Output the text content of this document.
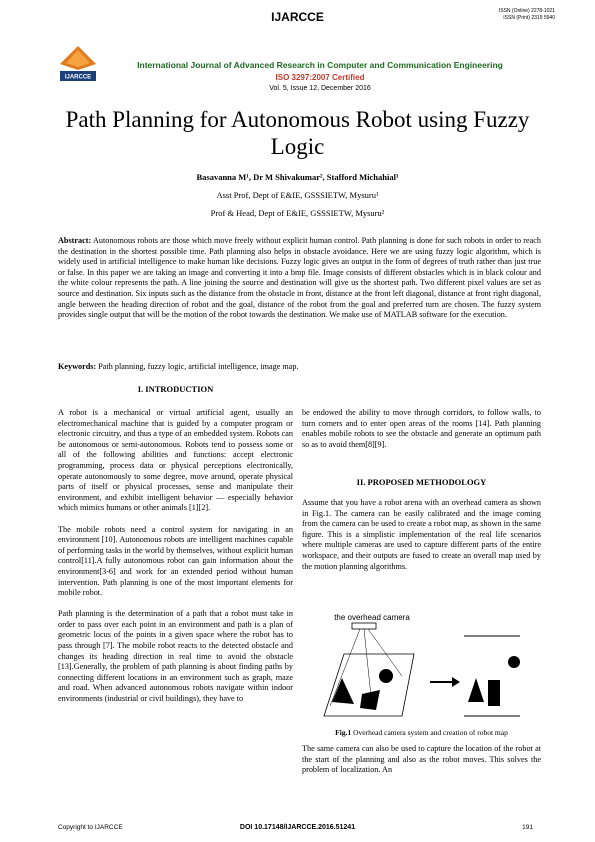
IJARCCE	ISSN (Online) 2278-1021
ISSN (Print) 2319 5940
IJARCCE
International Journal of Advanced Research in Computer and Communication Engineering
ISO 3297:2007 Certified
Vol. 5, Issue 12, December 2016
Path Planning for Autonomous Robot using Fuzzy Logic
Basavanna M¹, Dr M Shivakumar², Stafford Michahial¹
Asst Prof, Dept of E&IE, GSSSIETW, Mysuru¹
Prof & Head, Dept of E&IE, GSSSIETW, Mysuru²
Abstract: Autonomous robots are those which move freely without explicit human control. Path planning is done for such robots in order to reach the destination in the shortest possible time. Path planning also helps in obstacle avoidance. Here we are using fuzzy logic algorithm, which is widely used in artificial intelligence to make human like decisions. Fuzzy logic gives an output in the form of degrees of truth rather than just true or false. In this paper we are taking an image and converting it into a bmp file. Image consists of different obstacles which is in black colour and the white colour represents the path. A line joining the source and destination will give us the shortest path. Two different pixel values are set as source and destination. Six inputs such as the distance from the obstacle in front, distance at the front left diagonal, distance at front right diagonal, angle between the heading direction of robot and the goal, distance of the robot from the goal and preferred turn are chosen. The fuzzy system provides single output that will be the motion of the robot towards the destination. We make use of MATLAB software for the execution.
Keywords: Path planning, fuzzy logic, artificial intelligence, image map.
I. INTRODUCTION

A robot is a mechanical or virtual artificial agent, usually an electromechanical machine that is guided by a computer program or electronic circuitry, and thus a type of an embedded system. Robots can be autonomous or semi-autonomous. Robots tend to possess some or all of the following abilities and functions: accept electronic programming, process data or physical perceptions electronically, operate autonomously to some degree, move around, operate physical parts of itself or physical processes, sense and manipulate their environment, and exhibit intelligent behavior — especially behavior which mimics humans or other animals [1][2].

The mobile robots need a control system for navigating in an environment [10]. Autonomous robots are intelligent machines capable of performing tasks in the world by themselves, without explicit human control[11].A fully autonomous robot can gain information about the environment[3-6] and work for an extended period without human intervention. Path planning is one of the most important elements for mobile robot.

Path planning is the determination of a path that a robot must take in order to pass over each point in an environment and path is a plan of geometric locus of the points in a given space where the robot has to pass through [7]. The mobile robot reacts to the detected obstacle and changes its heading direction in real time to avoid the obstacle [13].Generally, the problem of path planning is about finding paths by connecting different locations in an environment such as graph, maze and road. When advanced autonomous robots navigate within indoor environments (industrial or civil buildings), they have to

be endowed the ability to move through corridors, to follow walls, to turn corners and to enter open areas of the rooms [14]. Path planning enables mobile robots to see the obstacle and generate an optimum path so as to avoid them[8][9].

II. PROPOSED METHODOLOGY

Assume that you have a robot arena with an overhead camera as shown in Fig.1. The camera can be easily calibrated and the image coming from the camera can be used to create a robot map, as shown in the same figure. This is a simplistic implementation of the real life scenarios where multiple cameras are used to capture different parts of the entire workspace, and their outputs are fused to create an overall map used by the motion planning algorithms.

the overhead camera
Fig.1 Overhead camera system and creation of robot map

The same camera can also be used to capture the location of the robot at the start of the planning and also as the robot moves. This solves the problem of localization. An

Copyright to IJARCCE	DOI 10.17148/IJARCCE.2016.51241	191
